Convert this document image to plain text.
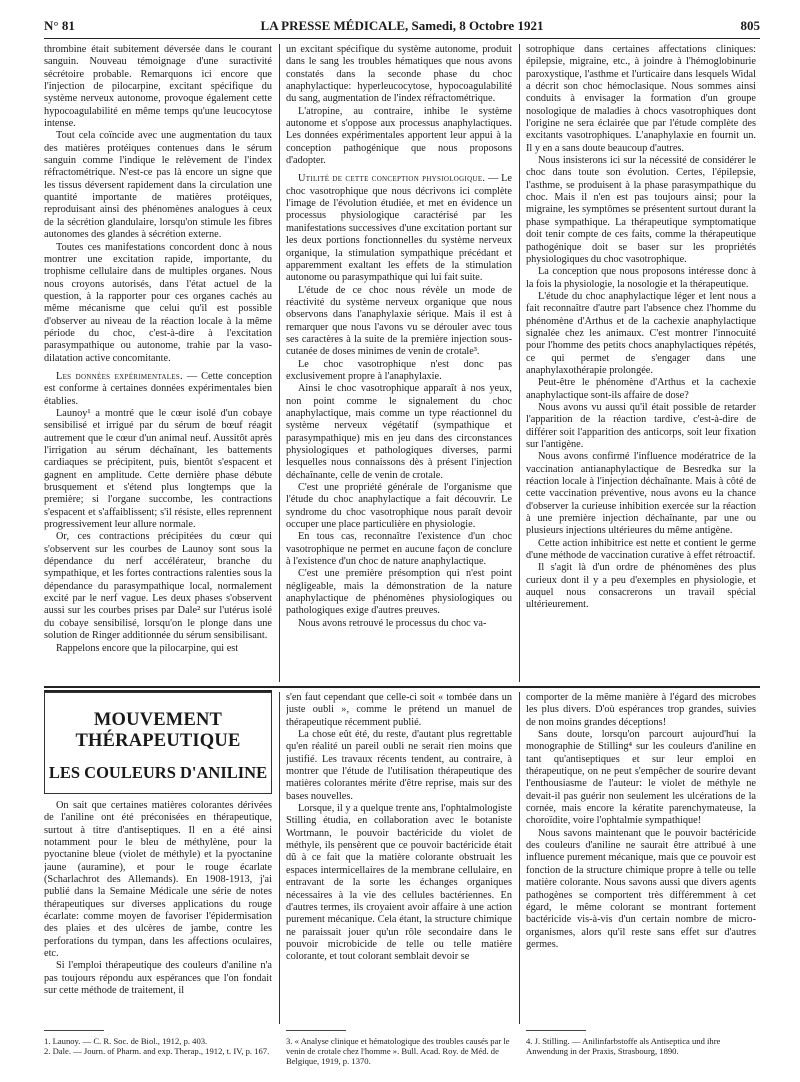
N° 81	LA PRESSE MÉDICALE, Samedi, 8 Octobre 1921	805

thrombine était subitement déversée dans le courant sanguin. Nouveau témoignage d'une suractivité sécrétoire probable. Remarquons ici encore que l'injection de pilocarpine, excitant spécifique du système nerveux autonome, provoque également cette hypocoagulabilité en même temps qu'une leucocytose intense.

Tout cela coïncide avec une augmentation du taux des matières protéiques contenues dans le sérum sanguin comme l'indique le relèvement de l'index réfractométrique. N'est-ce pas là encore un signe que les tissus déversent rapidement dans la circulation une quantité importante de matières protéiques, reproduisant ainsi des phénomènes analogues à ceux de la sécrétion glandulaire, lorsqu'on stimule les fibres autonomes des glandes à sécrétion externe.

Toutes ces manifestations concordent donc à nous montrer une excitation rapide, importante, du trophisme cellulaire dans de multiples organes. Nous nous croyons autorisés, dans l'état actuel de la question, à la rapporter pour ces organes cachés au même mécanisme que celui qu'il est possible d'observer au niveau de la réaction locale à la même période du choc, c'est-à-dire à l'excitation parasympathique ou autonome, trahie par la vaso-dilatation active concomitante.

Les données expérimentales. — Cette conception est conforme à certaines données expérimentales bien établies.

Launoy¹ a montré que le cœur isolé d'un cobaye sensibilisé et irrigué par du sérum de bœuf réagit autrement que le cœur d'un animal neuf. Aussitôt après l'irrigation au sérum déchaînant, les battements cardiaques se précipitent, puis, bientôt s'espacent et gagnent en amplitude. Cette dernière phase débute brusquement et s'étend plus longtemps que la première; si l'organe succombe, les contractions s'espacent et s'affaiblissent; s'il résiste, elles reprennent progressivement leur allure normale.

Or, ces contractions précipitées du cœur qui s'observent sur les courbes de Launoy sont sous la dépendance du nerf accélérateur, branche du sympathique, et les fortes contractions ralenties sous la dépendance du parasympathique local, normalement excité par le nerf vague. Les deux phases s'observent aussi sur les courbes prises par Dale² sur l'utérus isolé du cobaye sensibilisé, lorsqu'on le plonge dans une solution de Ringer additionnée du sérum sensibilisant.

Rappelons encore que la pilocarpine, qui est

un excitant spécifique du système autonome, produit dans le sang les troubles hématiques que nous avons constatés dans la seconde phase du choc anaphylactique: hyperleucocytose, hypocoagulabilité du sang, augmentation de l'index réfractométrique.

L'atropine, au contraire, inhibe le système autonome et s'oppose aux processus anaphylactiques. Les données expérimentales apportent leur appui à la conception pathogénique que nous proposons d'adopter.

Utilité de cette conception physiologique. — Le choc vasotrophique que nous décrivons ici complète l'image de l'évolution étudiée, et met en évidence un processus physiologique caractérisé par les manifestations successives d'une excitation portant sur les deux portions fonctionnelles du système nerveux organique, la stimulation sympathique précédant et apparemment exaltant les effets de la stimulation autonome ou parasympathique qui lui fait suite.

L'étude de ce choc nous révèle un mode de réactivité du système nerveux organique que nous observons dans l'anaphylaxie sérique. Mais il est à remarquer que nous l'avons vu se dérouler avec tous ses caractères à la suite de la première injection sous-cutanée de doses minimes de venin de crotale³.

Le choc vasotrophique n'est donc pas exclusivement propre à l'anaphylaxie.

Ainsi le choc vasotrophique apparaît à nos yeux, non point comme le signalement du choc anaphylactique, mais comme un type réactionnel du système nerveux végétatif (sympathique et parasympathique) mis en jeu dans des circonstances physiologiques et pathologiques diverses, parmi lesquelles nous connaissons dès à présent l'injection déchaînante, celle de venin de crotale.

C'est une propriété générale de l'organisme que l'étude du choc anaphylactique a fait découvrir. Le syndrome du choc vasotrophique nous paraît devoir occuper une place particulière en physiologie.

En tous cas, reconnaître l'existence d'un choc vasotrophique ne permet en aucune façon de conclure à l'existence d'un choc de nature anaphylactique.

C'est une première présomption qui n'est point négligeable, mais la démonstration de la nature anaphylactique de phénomènes physiologiques ou pathologiques exige d'autres preuves.

Nous avons retrouvé le processus du choc va-

sotrophique dans certaines affectations cliniques: épilepsie, migraine, etc., à joindre à l'hémoglobinurie paroxystique, l'asthme et l'urticaire dans lesquels Widal a décrit son choc hémoclasique. Nous sommes ainsi conduits à envisager la formation d'un groupe nosologique de maladies à chocs vasotrophiques dont l'origine ne sera éclairée que par l'étude complète des excitants vasotrophiques. L'anaphylaxie en fournit un. Il y en a sans doute beaucoup d'autres.

Nous insisterons ici sur la nécessité de considérer le choc dans toute son évolution. Certes, l'épilepsie, l'asthme, se produisent à la phase parasympathique du choc. Mais il n'en est pas toujours ainsi; pour la migraine, les symptômes se présentent surtout durant la phase sympathique. La thérapeutique symptomatique doit tenir compte de ces faits, comme la thérapeutique pathogénique doit se baser sur les propriétés physiologiques du choc vasotrophique.

La conception que nous proposons intéresse donc à la fois la physiologie, la nosologie et la thérapeutique.

L'étude du choc anaphylactique léger et lent nous a fait reconnaître d'autre part l'absence chez l'homme du phénomène d'Arthus et de la cachexie anaphylactique signalée chez les animaux. C'est montrer l'innocuité pour l'homme des petits chocs anaphylactiques répétés, ce qui permet de s'engager dans une anaphylaxothérapie prolongée.

Peut-être le phénomène d'Arthus et la cachexie anaphylactique sont-ils affaire de dose?

Nous avons vu aussi qu'il était possible de retarder l'apparition de la réaction tardive, c'est-à-dire de différer soit l'apparition des anticorps, soit leur fixation sur l'antigène.

Nous avons confirmé l'influence modératrice de la vaccination antianaphylactique de Besredka sur la réaction locale à l'injection déchaînante. Mais à côté de cette vaccination préventive, nous avons eu la chance d'observer la curieuse inhibition exercée sur la réaction à une première injection déchaînante, par une ou plusieurs injections ultérieures du même antigène.

Cette action inhibitrice est nette et contient le germe d'une méthode de vaccination curative à effet rétroactif.

Il s'agit là d'un ordre de phénomènes des plus curieux dont il y a peu d'exemples en physiologie, et auquel nous consacrerons un travail spécial ultérieurement.

MOUVEMENT THÉRAPEUTIQUE
LES COULEURS D'ANILINE

On sait que certaines matières colorantes dérivées de l'aniline ont été préconisées en thérapeutique, surtout à titre d'antiseptiques. Il en a été ainsi notamment pour le bleu de méthylène, pour la pyoctanine bleue (violet de méthyle) et la pyoctanine jaune (auramine), et pour le rouge écarlate (Scharlachrot des Allemands). En 1908-1913, j'ai publié dans la Semaine Médicale une série de notes thérapeutiques sur diverses applications du rouge écarlate: comme moyen de favoriser l'épidermisation des plaies et des ulcères de jambe, contre les perforations du tympan, dans les affections oculaires, etc.

Si l'emploi thérapeutique des couleurs d'aniline n'a pas toujours répondu aux espérances que l'on fondait sur cette méthode de traitement, il

s'en faut cependant que celle-ci soit « tombée dans un juste oubli », comme le prétend un manuel de thérapeutique récemment publié.

La chose eût été, du reste, d'autant plus regrettable qu'en réalité un pareil oubli ne serait rien moins que justifié. Les travaux récents tendent, au contraire, à montrer que l'étude de l'utilisation thérapeutique des matières colorantes mérite d'être reprise, mais sur des bases nouvelles.

Lorsque, il y a quelque trente ans, l'ophtalmologiste Stilling étudia, en collaboration avec le botaniste Wortmann, le pouvoir bactéricide du violet de méthyle, ils pensèrent que ce pouvoir bactéricide était dû à ce fait que la matière colorante obstruait les espaces intermicellaires de la membrane cellulaire, en entravant de la sorte les échanges organiques nécessaires à la vie des cellules bactériennes. En d'autres termes, ils croyaient avoir affaire à une action purement mécanique. Cela étant, la structure chimique ne paraissait jouer qu'un rôle secondaire dans le pouvoir microbicide de telle ou telle matière colorante, et tout colorant semblait devoir se

comporter de la même manière à l'égard des microbes les plus divers. D'où espérances trop grandes, suivies de non moins grandes déceptions!

Sans doute, lorsqu'on parcourt aujourd'hui la monographie de Stilling⁴ sur les couleurs d'aniline en tant qu'antiseptiques et sur leur emploi en thérapeutique, on ne peut s'empêcher de sourire devant l'enthousiasme de l'auteur: le violet de méthyle ne devait-il pas guérir non seulement les ulcérations de la cornée, mais encore la kératite parenchymateuse, la choroïdite, voire l'ophtalmie sympathique!

Nous savons maintenant que le pouvoir bactéricide des couleurs d'aniline ne saurait être attribué à une influence purement mécanique, mais que ce pouvoir est fonction de la structure chimique propre à telle ou telle matière colorante. Nous savons aussi que divers agents pathogènes se comportent très différemment à cet égard, le même colorant se montrant fortement bactéricide vis-à-vis d'un certain nombre de micro-organismes, alors qu'il reste sans effet sur d'autres germes.

1. Launoy. — C. R. Soc. de Biol., 1912, p. 403.

2. Dale. — Journ. of Pharm. and exp. Therap., 1912, t. IV, p. 167.

3. « Analyse clinique et hématologique des troubles causés par le venin de crotale chez l'homme ». Bull. Acad. Roy. de Méd. de Belgique, 1919, p. 1370.

4. J. Stilling. — Anilinfarbstoffe als Antiseptica und ihre Anwendung in der Praxis, Strasbourg, 1890.
